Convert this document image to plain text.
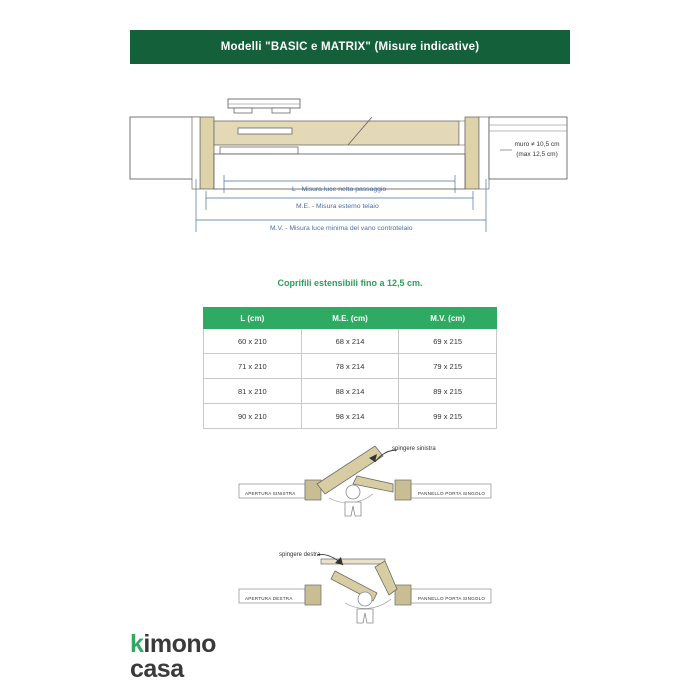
Modelli "BASIC e MATRIX" (Misure indicative)
muro ≠ 10,5 cm
(max 12,5 cm)
L - Misura luce netta passaggio
M.E. - Misura estemo telaio
M.V. - Misura luce minima del vano controtelaio
Coprifili estensibili fino a 12,5 cm.
L (cm)	M.E. (cm)	M.V. (cm)
60 x 210	68 x 214	69 x 215
71 x 210	78 x 214	79 x 215
81 x 210	88 x 214	89 x 215
90 x 210	98 x 214	99 x 215
spingere sinistra
APERTURA SINISTRA	PANNELLO PORTA SINGOLO
spingere destra
APERTURA DESTRA	PANNELLO PORTA SINGOLO
kimono
casa
